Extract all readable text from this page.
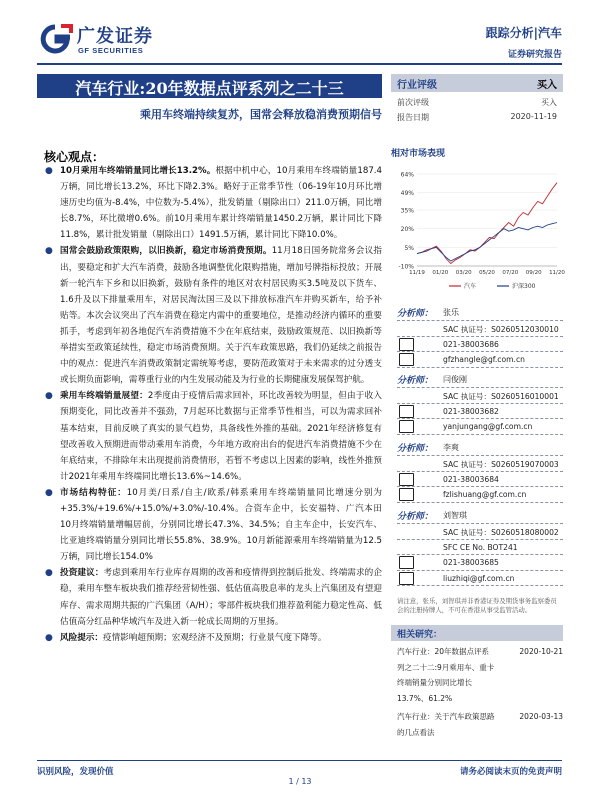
广发证券
GF SECURITIES
跟踪分析|汽车
证券研究报告
汽车行业:20年数据点评系列之二十三
乘用车终端持续复苏，国常会释放稳消费预期信号
行业评级	买入
前次评级	买入
报告日期	2020-11-19
相对市场表现
-10%
5%
20%
35%
49%
64%
11/19 01/20 03/20 05/20 07/20 09/20 11/20
汽车	沪深300
核心观点：
● 10月乘用车终端销量同比增长13.2%。根据中机中心，10月乘用车终端销量187.4万辆，同比增长13.2%，环比下降2.3%。略好于正常季节性（06-19年10月环比增速历史均值为-8.4%，中位数为-5.4%），批发销量（剔除出口）211.0万辆，同比增长8.7%，环比微增0.6%。前10月乘用车累计终端销量1450.2万辆，累计同比下降11.8%，累计批发销量（剔除出口）1491.5万辆，累计同比下降10.0%。
● 国常会鼓励政策限购，以旧换新，稳定市场消费预期。11月18日国务院常务会议指出，要稳定和扩大汽车消费，鼓励各地调整优化限购措施，增加号牌指标投放；开展新一轮汽车下乡和以旧换新，鼓励有条件的地区对农村居民购买3.5吨及以下货车、1.6升及以下排量乘用车，对居民淘汰国三及以下排放标准汽车并购买新车，给予补贴等。本次会议突出了汽车消费在稳定内需中的重要地位，是推动经济内循环的重要抓手，考虑到年初各地促汽车消费措施不少在年底结束，鼓励政策规范、以旧换新等举措实至政策延续性，稳定市场消费预期。关于汽车政策思路，我们仍延续之前报告中的观点：促进汽车消费政策制定需统筹考虑，要防范政策对于未来需求的过分透支或长期负面影响，需尊重行业的内生发展动能及为行业的长期健康发展保驾护航。
● 乘用车终端销量展望：2季度由于疫情后需求回补，环比改善较为明显，但由于收入预期变化，同比改善并不强劲，7月起环比数据与正常季节性相当，可以为需求回补基本结束，目前反映了真实的景气趋势，具备线性外推的基础。2021年经济修复有望改善收入预期进而带动乘用车消费，今年地方政府出台的促进汽车消费措施不少在年底结束，不排除年末出现提前消费情形，若暂不考虑以上因素的影响，线性外推预计2021年乘用车终端同比增长13.6%~14.6%。
● 市场结构特征：10月美/日系/自主/欧系/韩系乘用车终端销量同比增速分别为+35.3%/+19.6%/+15.0%/+3.0%/-10.4%。合资车企中，长安福特、广汽本田10月终端销量增幅居前，分别同比增长47.3%、34.5%；自主车企中，长安汽车、比亚迪终端销量分别同比增长55.8%、38.9%。10月新能源乘用车终端销量为12.5万辆，同比增长154.0%
● 投资建议：考虑到乘用车行业库存周期的改善和疫情得到控制后批发、终端需求的企稳，乘用车整车板块我们推荐经营韧性强、低估值高股息率的龙头上汽集团及有望迎库存、需求周期共振的广汽集团（A/H）；零部件板块我们推荐盈利能力稳定性高、低估值高分红品种华域汽车及进入新一轮成长周期的万里扬。
● 风险提示：疫情影响超预期；宏观经济不及预期；行业景气度下降等。
分析师： 张乐
SAC 执证号：S0260512030010
021-38003686
gfzhangle@gf.com.cn
分析师： 闫俊刚
SAC 执证号：S0260516010001
021-38003682
yanjungang@gf.com.cn
分析师： 李爽
SAC 执证号：S0260519070003
021-38003684
fzlishuang@gf.com.cn
分析师： 刘智琪
SAC 执证号：S0260518080002
SFC CE No. BOT241
021-38003685
liuzhiqi@gf.com.cn
请注意，张乐，刘智琪并非香港证券及期货事务监察委员会的注册持牌人，不可在香港从事受监管活动。
相关研究：
汽车行业：20年数据点评系	2020-10-21
列之二十二:9月乘用车、重卡
终端销量分别同比增长
13.7%、61.2%
汽车行业：关于汽车政策思路	2020-03-13
的几点看法
识别风险，发现价值	请务必阅读末页的免责声明
1 / 13
